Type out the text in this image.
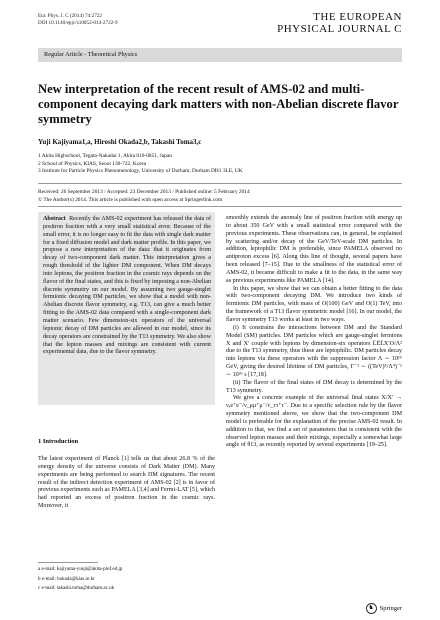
Eur. Phys. J. C (2014) 74:2722
DOI 10.1140/epjc/s10052-014-2722-9	THE EUROPEAN
PHYSICAL JOURNAL C
Regular Article - Theoretical Physics
New interpretation of the recent result of AMS-02 and multi-component decaying dark matters with non-Abelian discrete flavor symmetry
Yuji Kajiyama1,a, Hiroshi Okada2,b, Takashi Toma3,c
1 Akita Highschool, Tegata-Nakadai 1, Akita 010-0851, Japan
2 School of Physics, KIAS, Seoul 130-722, Korea
3 Institute for Particle Physics Phenomenology, University of Durham, Durham DH1 3LE, UK
Received: 26 September 2013 / Accepted: 23 December 2013 / Published online: 5 February 2014
© The Author(s) 2014. This article is published with open access at Springerlink.com

Abstract Recently the AMS-02 experiment has released the data of positron fraction with a very small statistical error. Because of the small error, it is no longer easy to fit the data with single dark matter for a fixed diffusion model and dark matter profile. In this paper, we propose a new interpretation of the data: that it originates from decay of two-component dark matter. This interpretation gives a rough threshold of the lighter DM component. When DM decays into leptons, the positron fraction in the cosmic rays depends on the flavor of the final states, and this is fixed by imposing a non-Abelian discrete symmetry on our model. By assuming two gauge-singlet fermionic decaying DM particles, we show that a model with non-Abelian discrete flavor symmetry, e.g. T13, can give a much better fitting to the AMS-02 data compared with a single-component dark matter scenario. Few dimension-six operators of the universal leptonic decay of DM particles are allowed in our model, since its decay operators are constrained by the T13 symmetry. We also show that the lepton masses and mixings are consistent with current experimental data, due to the flavor symmetry.

1 Introduction

The latest experiment of Planck [1] tells us that about 26.8 % of the energy density of the universe consists of Dark Matter (DM). Many experiments are being performed to search DM signatures. The recent result of the indirect detection experiment of AMS-02 [2] is in favor of previous experiments such as PAMELA [3,4] and Fermi-LAT [5], which had reported an excess of positron fraction in the cosmic rays. Moreover, it

smoothly extends the anomaly line of positron fraction with energy up to about 350 GeV with a small statistical error compared with the previous experiments. These observations can, in general, be explained by scattering and/or decay of the GeV/TeV-scale DM particles. In addition, leptophilic DM is preferable, since PAMELA observed no antiproton excess [6]. Along this line of thought, several papers have been released [7–15]. Due to the smallness of the statistical error of AMS-02, it became difficult to make a fit to the data, in the same way as previous experiments like PAMELA [14].

In this paper, we show that we can obtain a better fitting to the data with two-component decaying DM. We introduce two kinds of fermionic DM particles, with mass of O(100) GeV and O(1) TeV, into the framework of a T13 flavor symmetric model [16]. In our model, the flavor symmetry T13 works at least in two ways.

(i) It constrains the interactions between DM and the Standard Model (SM) particles. DM particles which are gauge-singlet fermions X and X′ couple with leptons by dimension-six operators L̄ĒL̄X′O/Λ² due to the T13 symmetry, thus these are leptophilic. DM particles decay into leptons via these operators with the suppression factor Λ ∼ 10¹⁶ GeV, giving the desired lifetime of DM particles, Γ⁻¹ ∼ ((TeV)⁵/Λ⁴)⁻¹ ∼ 10²⁶ s [17,18].

(ii) The flavor of the final states of DM decay is determined by the T13 symmetry.

We give a concrete example of the universal final states X/X′ → νₑe⁺e⁻/ν_μμ⁺μ⁻/ν_ττ⁺τ⁻. Due to a specific selection rule by the flavor symmetry mentioned above, we show that the two-component DM model is preferable for the explanation of the precise AMS-02 result. In addition to that, we find a set of parameters that is consistent with the observed lepton masses and their mixings, especially a somewhat large angle of θ13, as recently reported by several experiments [19–25].

a e-mail: kajiyama-yuuji@akita-pref.ed.jp
b e-mail: hokada@kias.re.kr
c e-mail: takashi.toma@durham.ac.uk
♞ Springer
